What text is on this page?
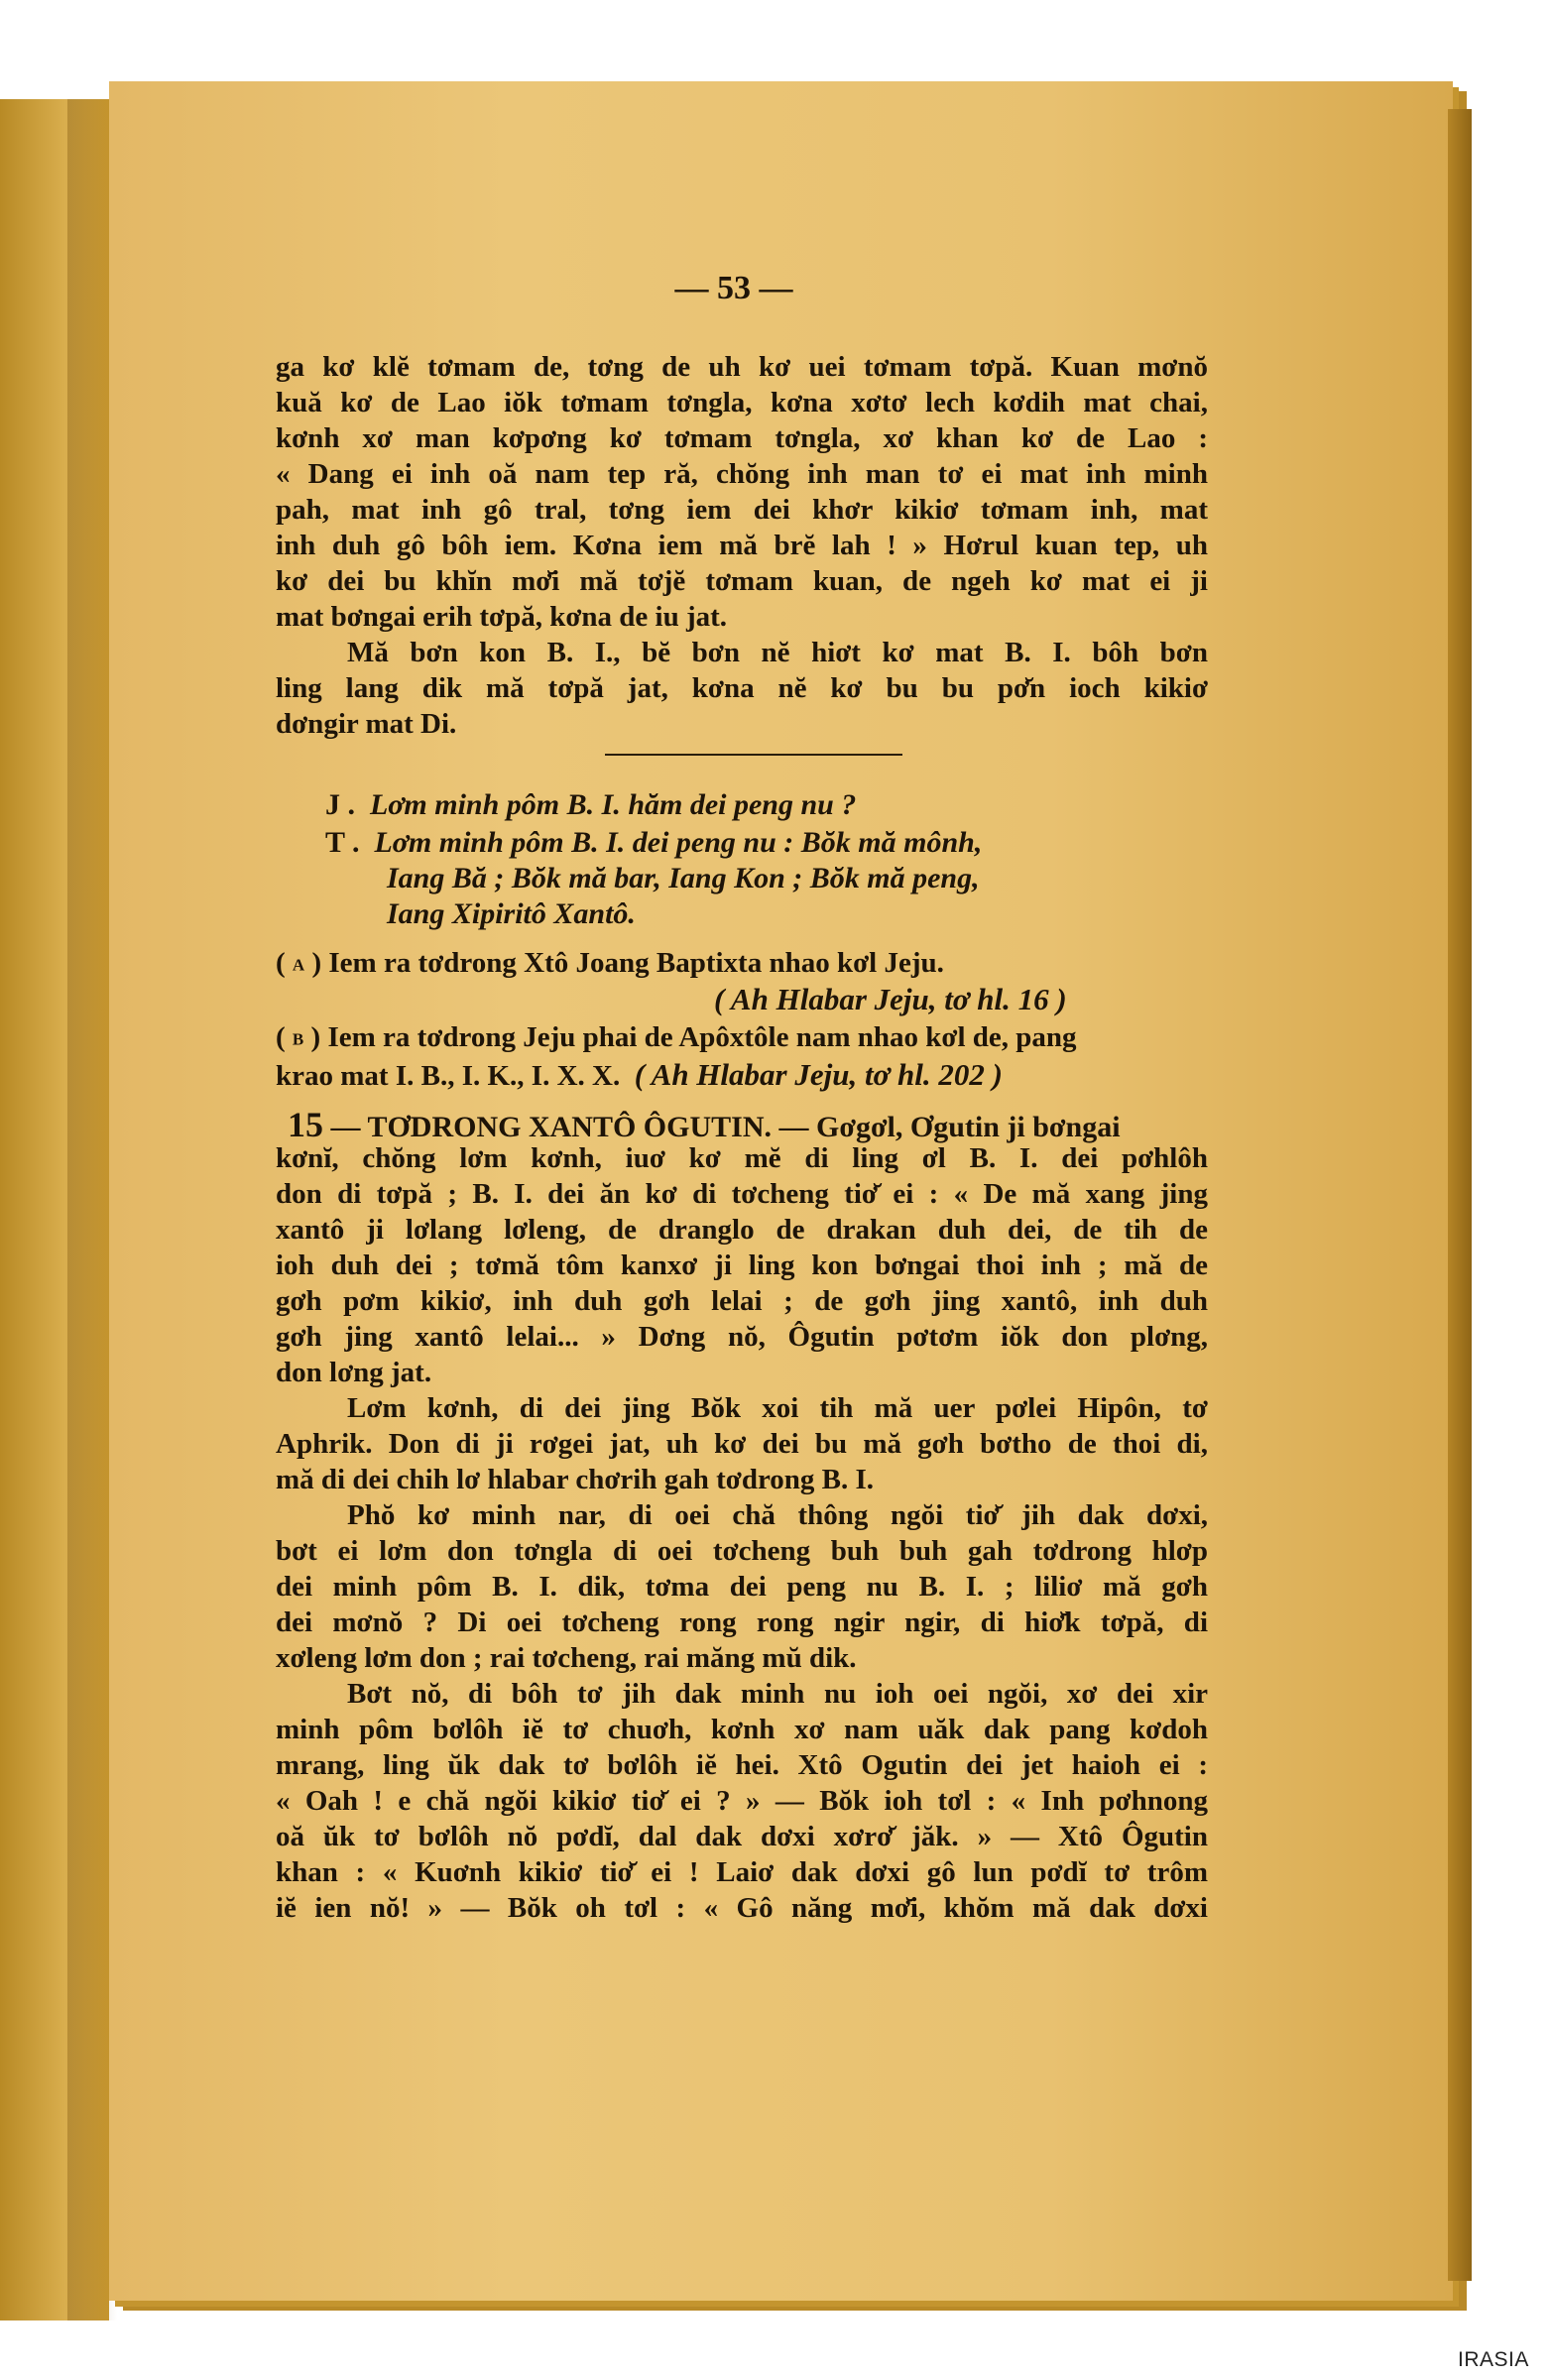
— 53 —
ga kơ klĕ tơmam de, tơng de uh kơ uei tơmam tơpă. Kuan mơnŏ
kuă kơ de Lao iŏk tơmam tơngla, kơna xơtơ lech kơdih mat chai,
kơnh xơ man kơpơng kơ tơmam tơngla, xơ khan kơ de Lao :
« Dang ei inh oă nam tep ră, chŏng inh man tơ ei mat inh minh
pah, mat inh gô tral, tơng iem dei khơr kikiơ tơmam inh, mat
inh duh gô bôh iem. Kơna iem mă brĕ lah ! » Hơrul kuan tep, uh
kơ dei bu khĭn mơ̆i mă tơjĕ tơmam kuan, de ngeh kơ mat ei ji
mat bơngai erih tơpă, kơna de iu jat.
Mă bơn kon B. I., bĕ bơn nĕ hiơt kơ mat B. I. bôh bơn
ling lang dik mă tơpă jat, kơna nĕ kơ bu bu pơ̆n ioch kikiơ
dơngir mat Di.
J . Lơm minh pôm B. I. hăm dei peng nu ?
T . Lơm minh pôm B. I. dei peng nu : Bŏk mă mônh,
Iang Bă ; Bŏk mă bar, Iang Kon ; Bŏk mă peng,
Iang Xipiritô Xantô.
( A ) Iem ra tơdrong Xtô Joang Baptixta nhao kơl Jeju.
( Ah Hlabar Jeju, tơ hl. 16 )
( B ) Iem ra tơdrong Jeju phai de Apôxtôle nam nhao kơl de, pang
krao mat I. B., I. K., I. X. X. ( Ah Hlabar Jeju, tơ hl. 202 )
15 — TƠDRONG XANTÔ ÔGUTIN. — Gơgơl, Ơgutin ji bơngai
kơnĭ, chŏng lơm kơnh, iuơ kơ mĕ di ling ơl B. I. dei pơhlôh
don di tơpă ; B. I. dei ăn kơ di tơcheng tiơ̆ ei : « De mă xang jing
xantô ji lơlang lơleng, de dranglo de drakan duh dei, de tih de
ioh duh dei ; tơmă tôm kanxơ ji ling kon bơngai thoi inh ; mă de
gơh pơm kikiơ, inh duh gơh lelai ; de gơh jing xantô, inh duh
gơh jing xantô lelai... » Dơng nŏ, Ôgutin pơtơm iŏk don plơng,
don lơng jat.
Lơm kơnh, di dei jing Bŏk xoi tih mă uer pơlei Hipôn, tơ
Aphrik. Don di ji rơgei jat, uh kơ dei bu mă gơh bơtho de thoi di,
mă di dei chih lơ hlabar chơrih gah tơdrong B. I.
Phŏ kơ minh nar, di oei chă thông ngŏi tiơ̆ jih dak dơxi,
bơt ei lơm don tơngla di oei tơcheng buh buh gah tơdrong hlơp
dei minh pôm B. I. dik, tơma dei peng nu B. I. ; liliơ mă gơh
dei mơnŏ ? Di oei tơcheng rong rong ngir ngir, di hiơ̆k tơpă, di
xơleng lơm don ; rai tơcheng, rai măng mŭ dik.
Bơt nŏ, di bôh tơ jih dak minh nu ioh oei ngŏi, xơ dei xir
minh pôm bơlôh iĕ tơ chuơh, kơnh xơ nam uăk dak pang kơdoh
mrang, ling ŭk dak tơ bơlôh iĕ hei. Xtô Ogutin dei jet haioh ei :
« Oah ! e chă ngŏi kikiơ tiơ̆ ei ? » — Bŏk ioh tơl : « Inh pơhnong
oă ŭk tơ bơlôh nŏ pơdĭ, dal dak dơxi xơrơ̆ jăk. » — Xtô Ôgutin
khan : « Kuơnh kikiơ tiơ̆ ei ! Laiơ dak dơxi gô lun pơdĭ tơ trôm
iĕ ien nŏ! » — Bŏk oh tơl : « Gô năng mơ̆i, khŏm mă dak dơxi
IRASIA
